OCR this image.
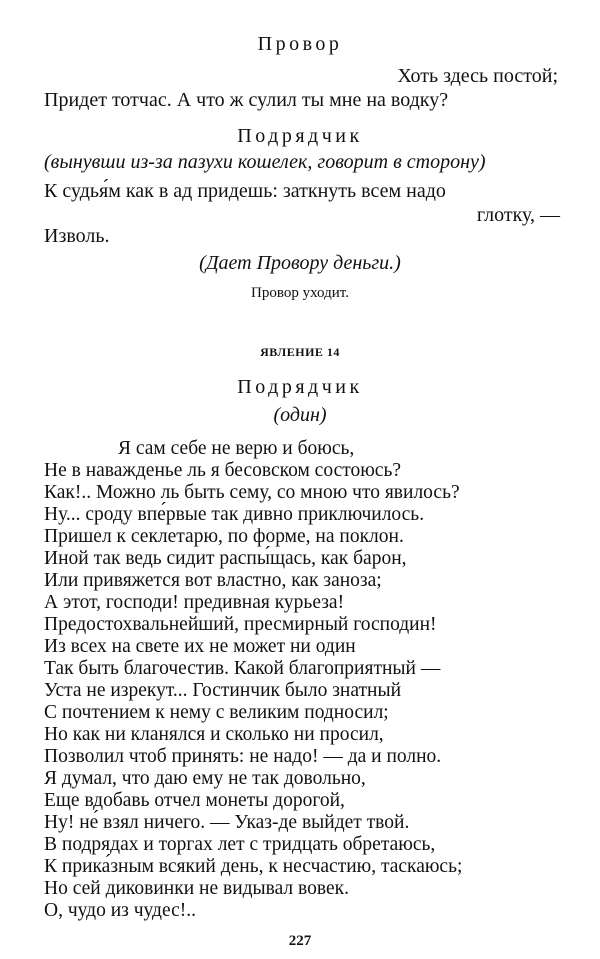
Провор
Хоть здесь постой;
Придет тотчас. А что ж сулил ты мне на водку?
Подрядчик
(вынувши из-за пазухи кошелек, говорит в сторону)
К судья́м как в ад придешь: заткнуть всем надо
глотку, —
Изволь.
(Дает Провору деньги.)
Провор уходит.
ЯВЛЕНИЕ 14
Подрядчик
(один)
Я сам себе не верю и боюсь,
Не в наважденье ль я бесовском состоюсь?
Как!.. Можно ль быть сему, со мною что явилось?
Ну... сроду впе́рвые так дивно приключилось.
Пришел к секлетарю, по форме, на поклон.
Иной так ведь сидит распы́щась, как барон,
Или привяжется вот властно, как заноза;
А этот, господи! предивная курьеза!
Предостохвальнейший, пресмирный господин!
Из всех на свете их не может ни один
Так быть благочестив. Какой благоприятный —
Уста не изрекут... Гостинчик было знатный
С почтением к нему с великим подносил;
Но как ни кланялся и сколько ни просил,
Позволил чтоб принять: не надо! — да и полно.
Я думал, что даю ему не так довольно,
Еще вдобавь отчел монеты дорогой,
Ну! не́ взял ничего. — Указ-де выйдет твой.
В подрядах и торгах лет с тридцать обретаюсь,
К прика́зным всякий день, к несчастию, таскаюсь;
Но сей диковинки не видывал вовек.
О, чудо из чудес!..
227
